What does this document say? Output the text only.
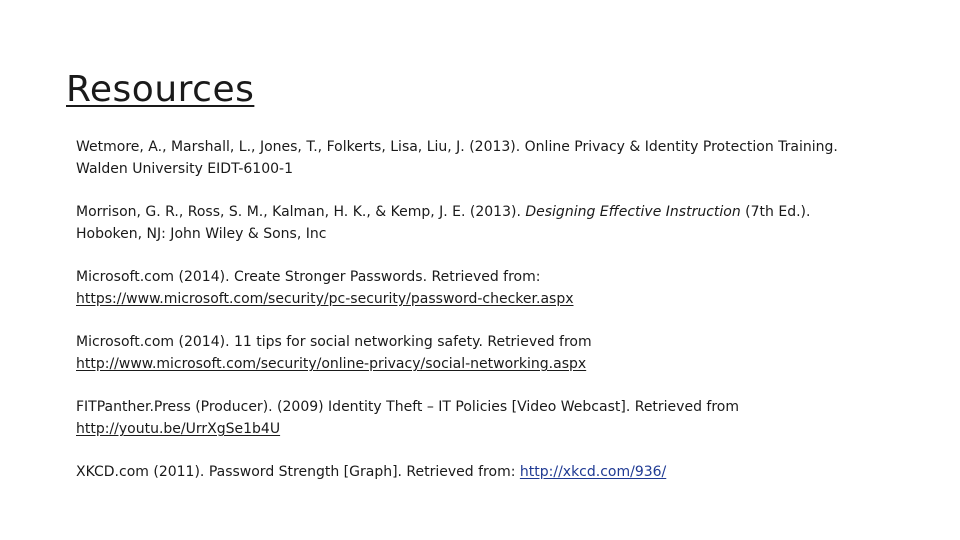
Resources

Wetmore, A., Marshall, L., Jones, T., Folkerts, Lisa, Liu, J. (2013). Online Privacy & Identity Protection Training.
Walden University EIDT-6100-1

Morrison, G. R., Ross, S. M., Kalman, H. K., & Kemp, J. E. (2013). Designing Effective Instruction (7th Ed.).
Hoboken, NJ: John Wiley & Sons, Inc

Microsoft.com (2014). Create Stronger Passwords. Retrieved from:
https://www.microsoft.com/security/pc-security/password-checker.aspx

Microsoft.com (2014). 11 tips for social networking safety. Retrieved from
http://www.microsoft.com/security/online-privacy/social-networking.aspx

FITPanther.Press (Producer). (2009) Identity Theft – IT Policies [Video Webcast]. Retrieved from
http://youtu.be/UrrXgSe1b4U

XKCD.com (2011). Password Strength [Graph]. Retrieved from: http://xkcd.com/936/
